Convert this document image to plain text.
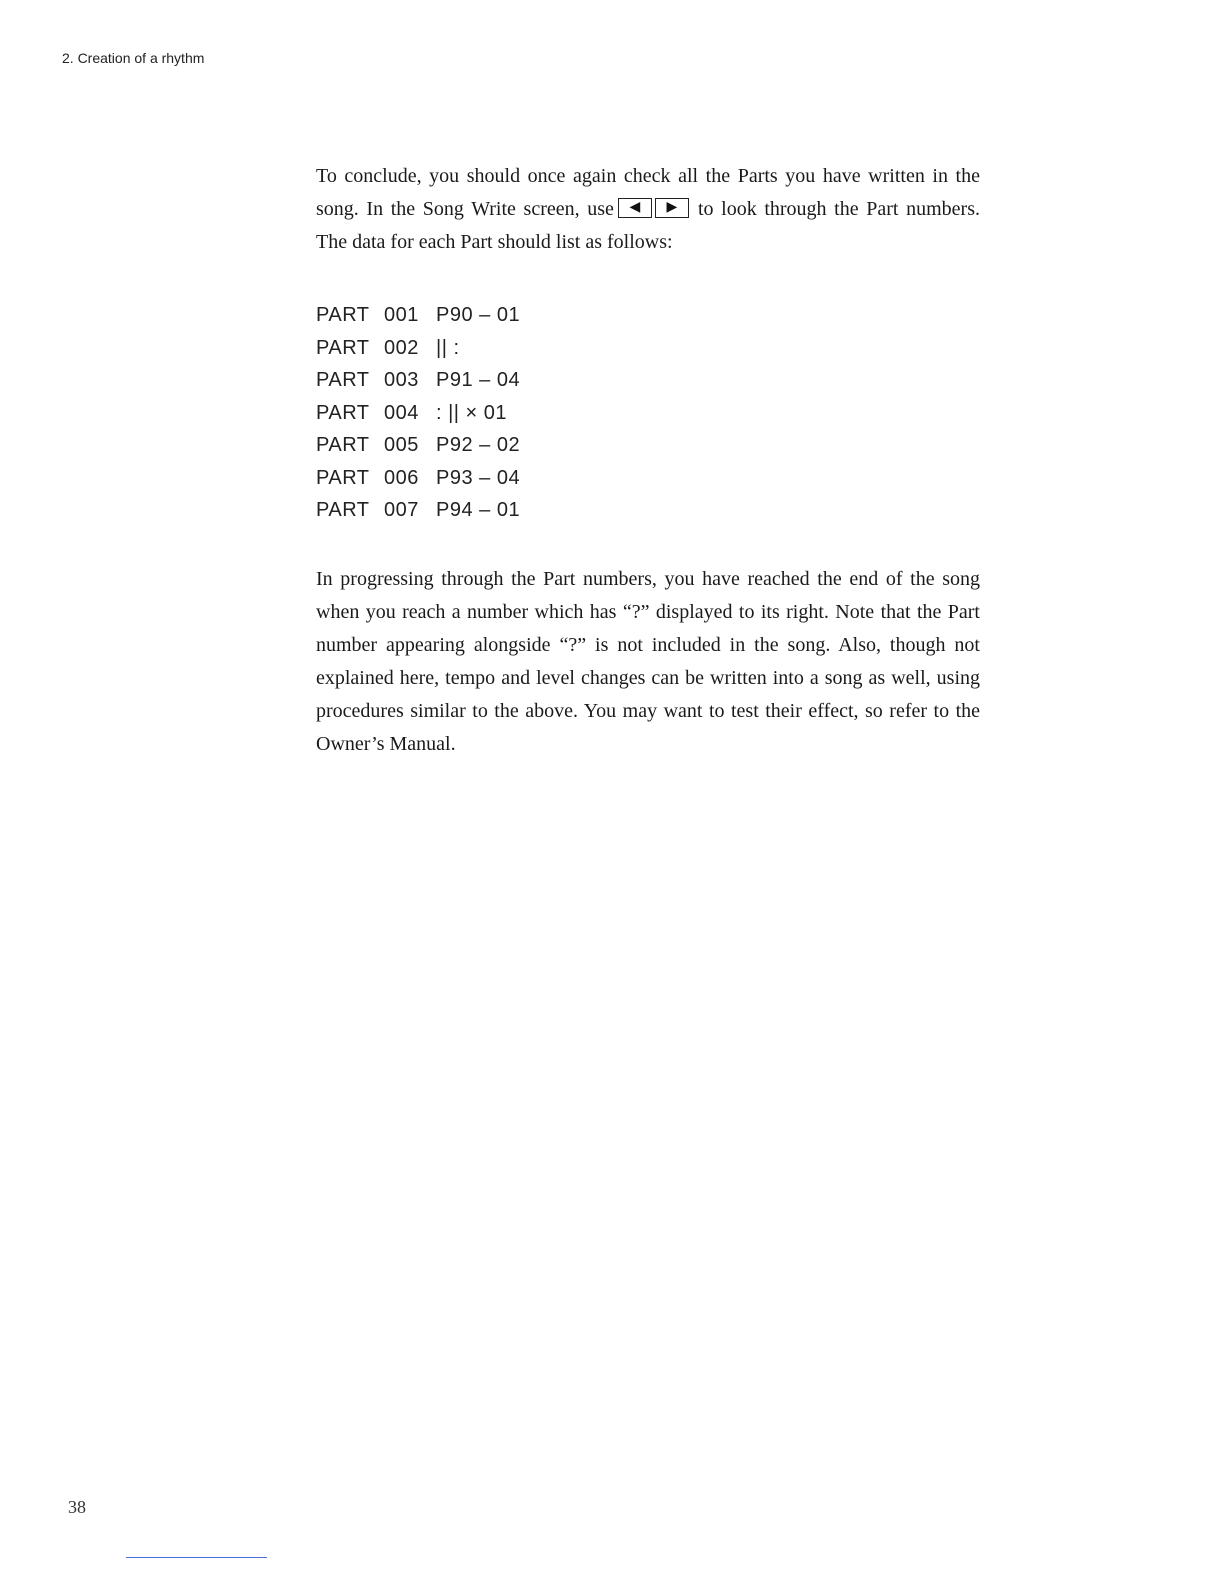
2. Creation of a rhythm

To conclude, you should once again check all the Parts you have written in the song. In the Song Write screen, use	◀	▶	to look through the Part numbers. The data for each Part should list as follows:

PART 001 P90 – 01
PART 002 || :
PART 003 P91 – 04
PART 004 : || × 01
PART 005 P92 – 02
PART 006 P93 – 04
PART 007 P94 – 01

In progressing through the Part numbers, you have reached the end of the song when you reach a number which has “?” displayed to its right. Note that the Part number appearing alongside “?” is not included in the song. Also, though not explained here, tempo and level changes can be written into a song as well, using procedures similar to the above. You may want to test their effect, so refer to the Owner’s Manual.

38
